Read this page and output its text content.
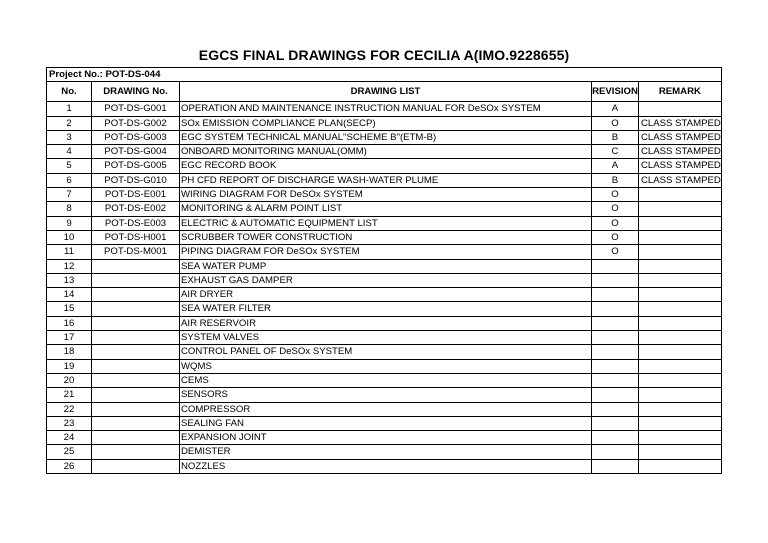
EGCS FINAL DRAWINGS FOR CECILIA A(IMO.9228655)
Project No.: POT-DS-044				
No.	DRAWING No.	DRAWING LIST	REVISION	REMARK
1	POT-DS-G001	OPERATION AND MAINTENANCE INSTRUCTION MANUAL FOR DeSOx SYSTEM	A	
2	POT-DS-G002	SOx EMISSION COMPLIANCE PLAN(SECP)	O	CLASS STAMPED
3	POT-DS-G003	EGC SYSTEM TECHNICAL MANUAL"SCHEME B"(ETM-B)	B	CLASS STAMPED
4	POT-DS-G004	ONBOARD MONITORING MANUAL(OMM)	C	CLASS STAMPED
5	POT-DS-G005	EGC RECORD BOOK	A	CLASS STAMPED
6	POT-DS-G010	PH CFD REPORT OF DISCHARGE WASH-WATER PLUME	B	CLASS STAMPED
7	POT-DS-E001	WIRING DIAGRAM FOR DeSOx SYSTEM	O	
8	POT-DS-E002	MONITORING & ALARM POINT LIST	O	
9	POT-DS-E003	ELECTRIC & AUTOMATIC EQUIPMENT LIST	O	
10	POT-DS-H001	SCRUBBER TOWER CONSTRUCTION	O	
11	POT-DS-M001	PIPING DIAGRAM FOR DeSOx SYSTEM	O	
12		SEA WATER PUMP		
13		EXHAUST GAS DAMPER		
14		AIR DRYER		
15		SEA WATER FILTER		
16		AIR RESERVOIR		
17		SYSTEM VALVES		
18		CONTROL PANEL OF DeSOx SYSTEM		
19		WQMS		
20		CEMS		
21		SENSORS		
22		COMPRESSOR		
23		SEALING FAN		
24		EXPANSION JOINT		
25		DEMISTER		
26		NOZZLES		
